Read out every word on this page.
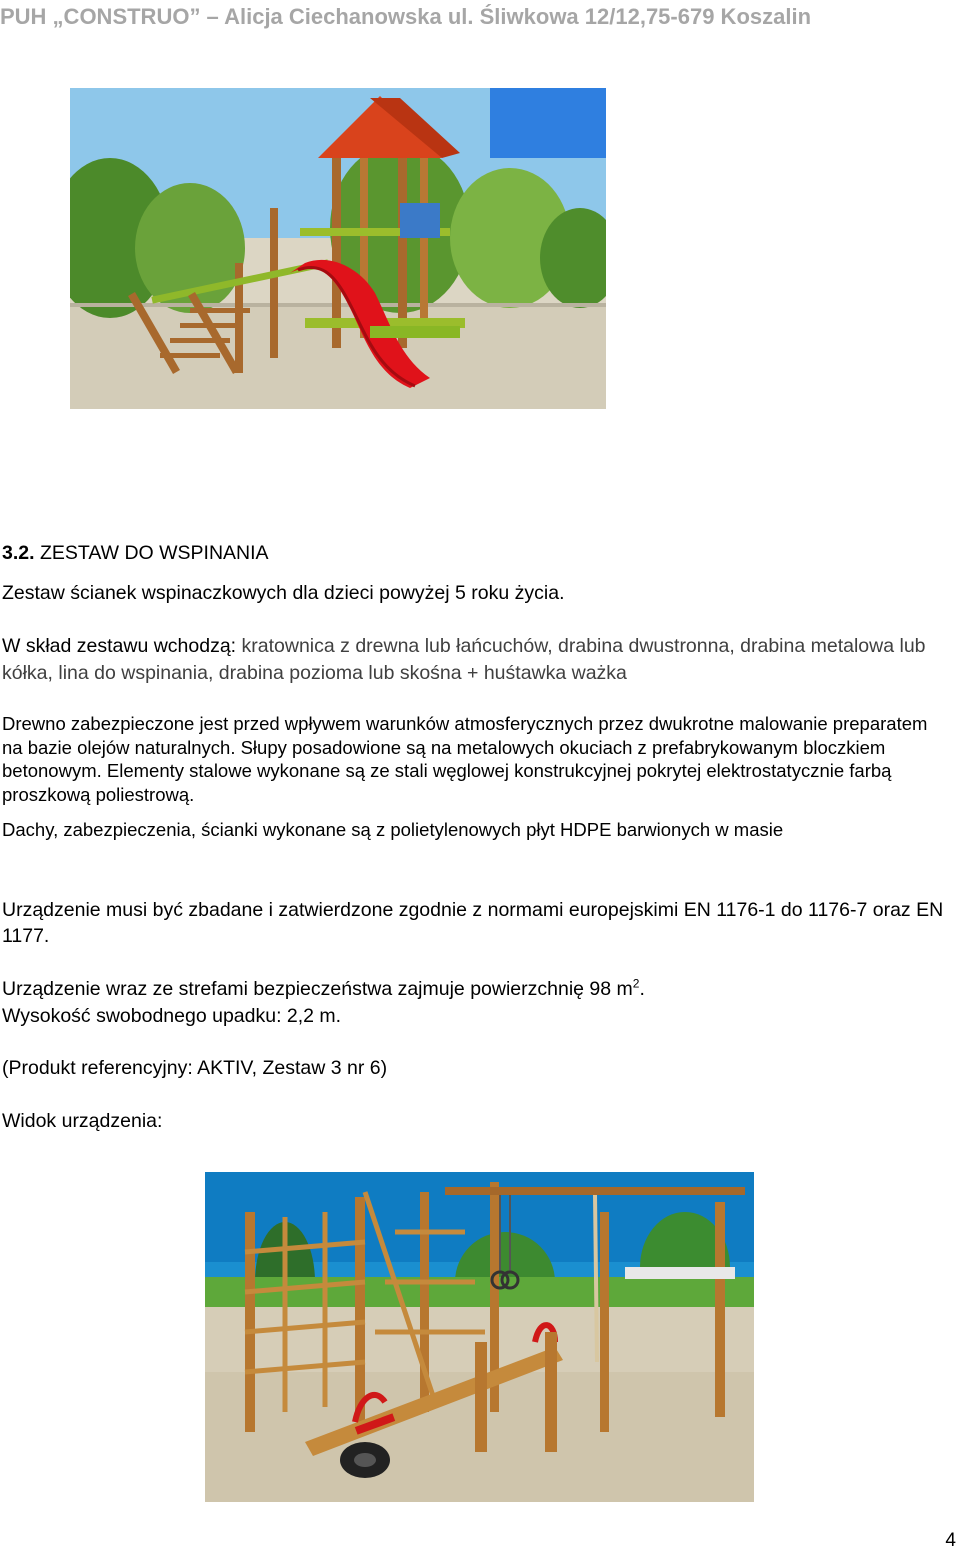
PUH „CONSTRUO” – Alicja Ciechanowska ul. Śliwkowa 12/12,75-679 Koszalin
3.2. ZESTAW DO WSPINANIA
Zestaw ścianek wspinaczkowych dla dzieci powyżej 5 roku życia.
W skład zestawu wchodzą: kratownica z drewna lub łańcuchów, drabina dwustronna, drabina metalowa lub kółka, lina do wspinania, drabina pozioma lub skośna + huśtawka ważka
Drewno zabezpieczone jest przed wpływem warunków atmosferycznych przez dwukrotne malowanie preparatem na bazie olejów naturalnych. Słupy posadowione są na metalowych okuciach z prefabrykowanym bloczkiem betonowym. Elementy stalowe wykonane są ze stali węglowej konstrukcyjnej pokrytej elektrostatycznie farbą proszkową poliestrową.
Dachy, zabezpieczenia, ścianki wykonane są z polietylenowych płyt HDPE barwionych w masie
Urządzenie musi być zbadane i zatwierdzone zgodnie z normami europejskimi EN 1176-1 do 1176-7 oraz EN 1177.
Urządzenie wraz ze strefami bezpieczeństwa zajmuje powierzchnię 98 $m^2$.
Wysokość swobodnego upadku: 2,2 m.
(Produkt referencyjny: AKTIV, Zestaw 3 nr 6)
Widok urządzenia:
4
